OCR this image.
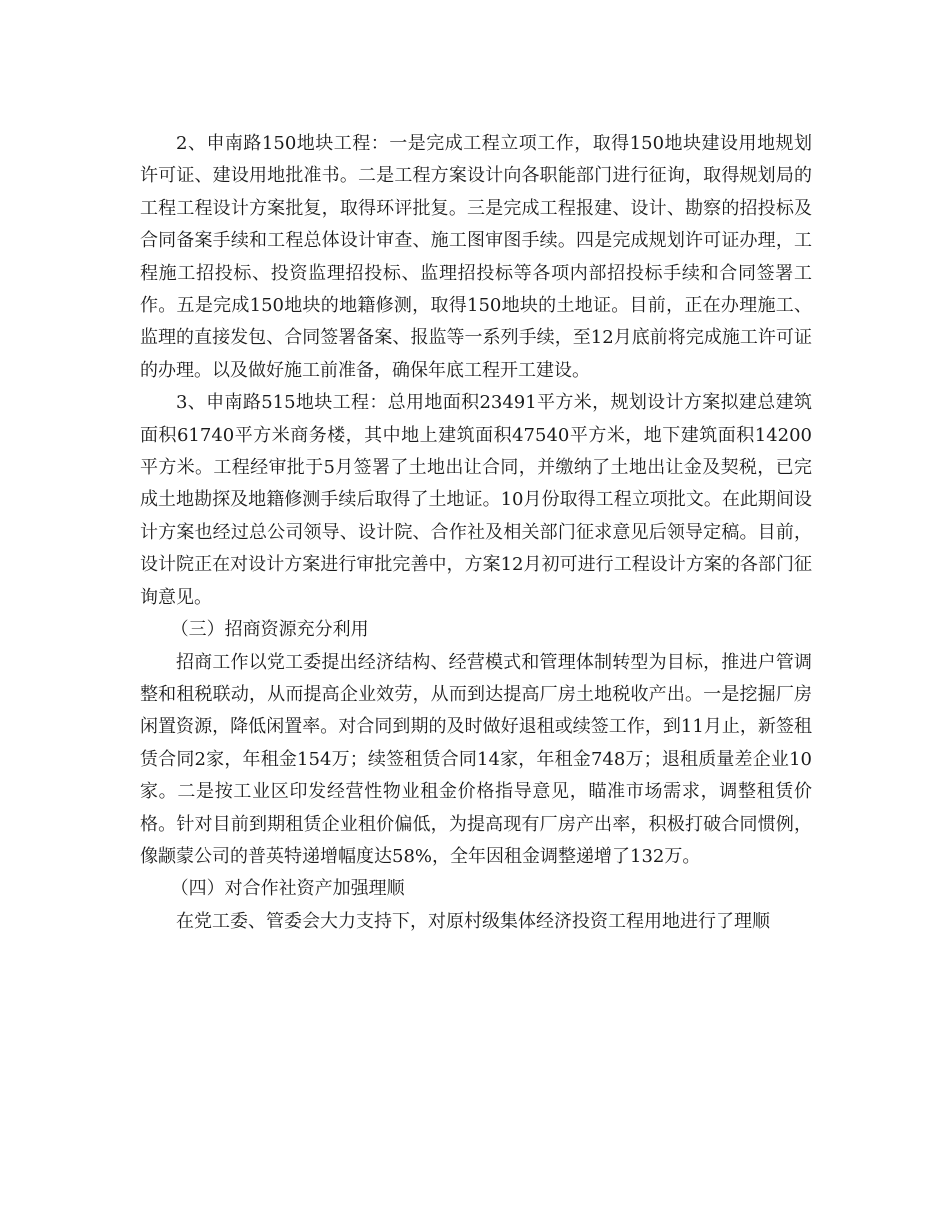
2、申南路150地块工程：一是完成工程立项工作，取得150地块建设用地规划许可证、建设用地批准书。二是工程方案设计向各职能部门进行征询，取得规划局的工程工程设计方案批复，取得环评批复。三是完成工程报建、设计、勘察的招投标及合同备案手续和工程总体设计审查、施工图审图手续。四是完成规划许可证办理，工程施工招投标、投资监理招投标、监理招投标等各项内部招投标手续和合同签署工作。五是完成150地块的地籍修测，取得150地块的土地证。目前，正在办理施工、监理的直接发包、合同签署备案、报监等一系列手续，至12月底前将完成施工许可证的办理。以及做好施工前准备，确保年底工程开工建设。

3、申南路515地块工程：总用地面积23491平方米，规划设计方案拟建总建筑面积61740平方米商务楼，其中地上建筑面积47540平方米，地下建筑面积14200平方米。工程经审批于5月签署了土地出让合同，并缴纳了土地出让金及契税，已完成土地勘探及地籍修测手续后取得了土地证。10月份取得工程立项批文。在此期间设计方案也经过总公司领导、设计院、合作社及相关部门征求意见后领导定稿。目前，设计院正在对设计方案进行审批完善中，方案12月初可进行工程设计方案的各部门征询意见。

（三）招商资源充分利用

招商工作以党工委提出经济结构、经营模式和管理体制转型为目标，推进户管调整和租税联动，从而提高企业效劳，从而到达提高厂房土地税收产出。一是挖掘厂房闲置资源，降低闲置率。对合同到期的及时做好退租或续签工作，到11月止，新签租赁合同2家，年租金154万；续签租赁合同14家，年租金748万；退租质量差企业10家。二是按工业区印发经营性物业租金价格指导意见，瞄准市场需求，调整租赁价格。针对目前到期租赁企业租价偏低，为提高现有厂房产出率，积极打破合同惯例，像颛蒙公司的普英特递增幅度达58%，全年因租金调整递增了132万。

（四）对合作社资产加强理顺

在党工委、管委会大力支持下，对原村级集体经济投资工程用地进行了理顺
